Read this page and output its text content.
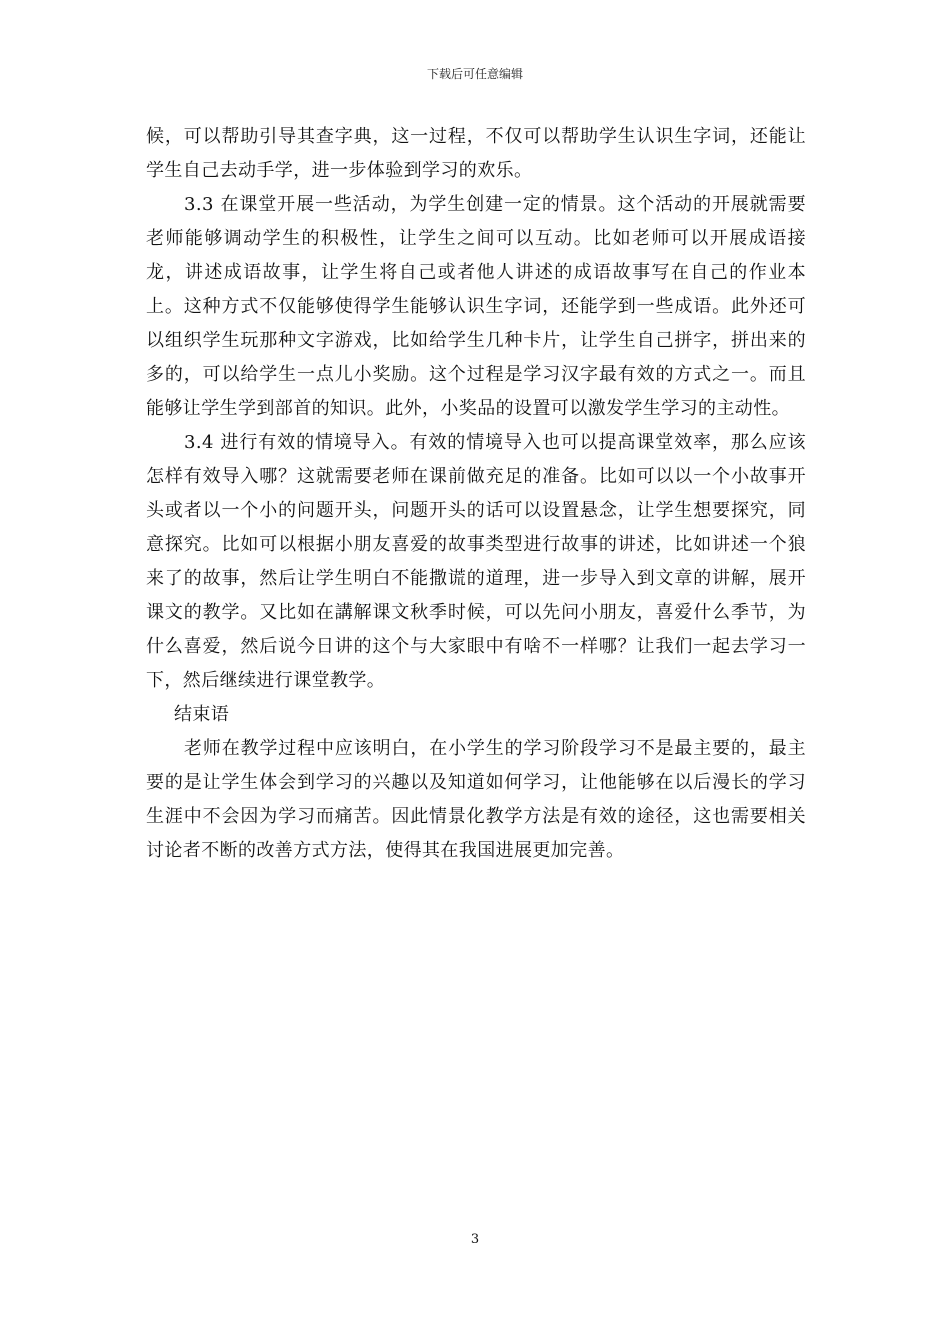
下载后可任意编辑

候，可以帮助引导其查字典，这一过程，不仅可以帮助学生认识生字词，还能让学生自己去动手学，进一步体验到学习的欢乐。

3.3 在课堂开展一些活动，为学生创建一定的情景。这个活动的开展就需要老师能够调动学生的积极性，让学生之间可以互动。比如老师可以开展成语接龙，讲述成语故事，让学生将自己或者他人讲述的成语故事写在自己的作业本上。这种方式不仅能够使得学生能够认识生字词，还能学到一些成语。此外还可以组织学生玩那种文字游戏，比如给学生几种卡片，让学生自己拼字，拼出来的多的，可以给学生一点儿小奖励。这个过程是学习汉字最有效的方式之一。而且能够让学生学到部首的知识。此外，小奖品的设置可以激发学生学习的主动性。

3.4 进行有效的情境导入。有效的情境导入也可以提高课堂效率，那么应该怎样有效导入哪？这就需要老师在课前做充足的准备。比如可以以一个小故事开头或者以一个小的问题开头，问题开头的话可以设置悬念，让学生想要探究，同意探究。比如可以根据小朋友喜爱的故事类型进行故事的讲述，比如讲述一个狼来了的故事，然后让学生明白不能撒谎的道理，进一步导入到文章的讲解，展开课文的教学。又比如在講解课文秋季时候，可以先问小朋友，喜爱什么季节，为什么喜爱，然后说今日讲的这个与大家眼中有啥不一样哪？让我们一起去学习一下，然后继续进行课堂教学。

结束语

老师在教学过程中应该明白，在小学生的学习阶段学习不是最主要的，最主要的是让学生体会到学习的兴趣以及知道如何学习，让他能够在以后漫长的学习生涯中不会因为学习而痛苦。因此情景化教学方法是有效的途径，这也需要相关讨论者不断的改善方式方法，使得其在我国进展更加完善。

3
